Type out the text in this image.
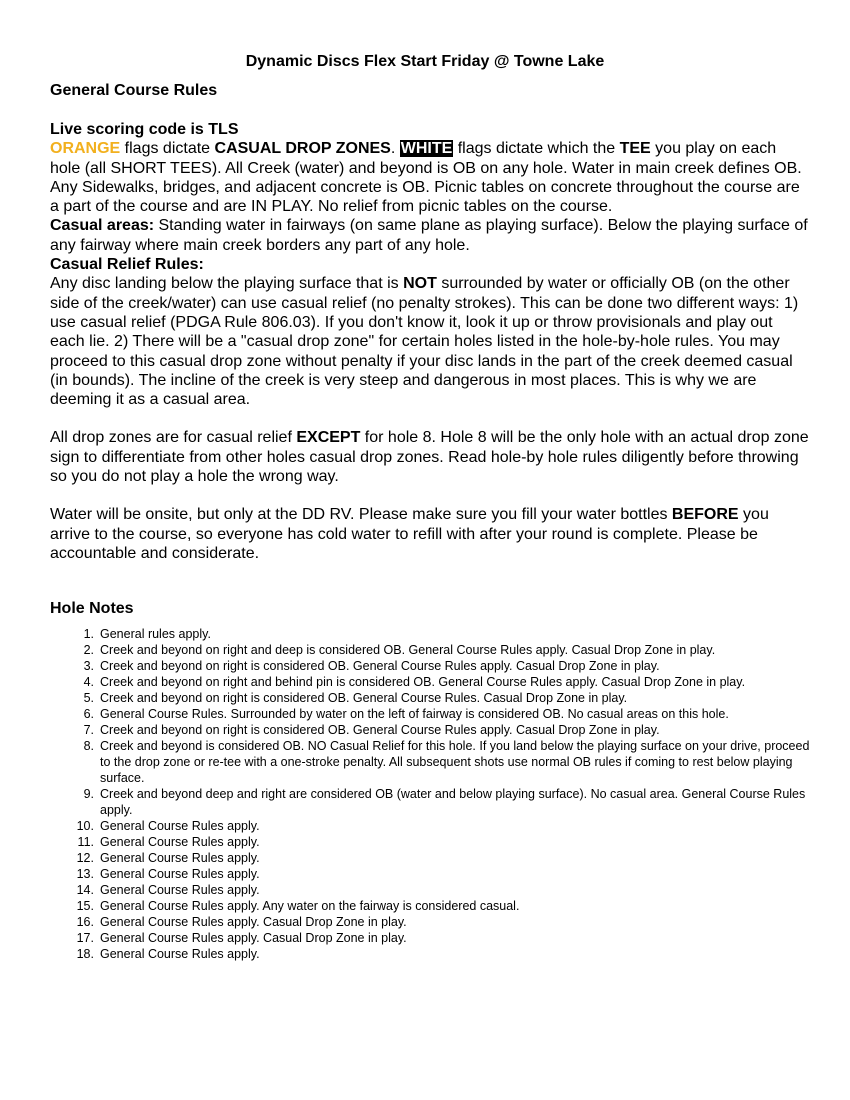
Dynamic Discs Flex Start Friday @ Towne Lake

General Course Rules

Live scoring code is TLS

ORANGE flags dictate CASUAL DROP ZONES. WHITE flags dictate which the TEE you play on each hole (all SHORT TEES). All Creek (water) and beyond is OB on any hole. Water in main creek defines OB. Any Sidewalks, bridges, and adjacent concrete is OB. Picnic tables on concrete throughout the course are a part of the course and are IN PLAY. No relief from picnic tables on the course.

Casual areas: Standing water in fairways (on same plane as playing surface). Below the playing surface of any fairway where main creek borders any part of any hole.

Casual Relief Rules:

Any disc landing below the playing surface that is NOT surrounded by water or officially OB (on the other side of the creek/water) can use casual relief (no penalty strokes). This can be done two different ways: 1) use casual relief (PDGA Rule 806.03). If you don't know it, look it up or throw provisionals and play out each lie. 2) There will be a "casual drop zone" for certain holes listed in the hole-by-hole rules. You may proceed to this casual drop zone without penalty if your disc lands in the part of the creek deemed casual (in bounds). The incline of the creek is very steep and dangerous in most places. This is why we are deeming it as a casual area.

All drop zones are for casual relief EXCEPT for hole 8. Hole 8 will be the only hole with an actual drop zone sign to differentiate from other holes casual drop zones. Read hole-by hole rules diligently before throwing so you do not play a hole the wrong way.

Water will be onsite, but only at the DD RV. Please make sure you fill your water bottles BEFORE you arrive to the course, so everyone has cold water to refill with after your round is complete. Please be accountable and considerate.

Hole Notes

1. General rules apply.
2. Creek and beyond on right and deep is considered OB. General Course Rules apply. Casual Drop Zone in play.
3. Creek and beyond on right is considered OB. General Course Rules apply. Casual Drop Zone in play.
4. Creek and beyond on right and behind pin is considered OB. General Course Rules apply. Casual Drop Zone in play.
5. Creek and beyond on right is considered OB. General Course Rules. Casual Drop Zone in play.
6. General Course Rules. Surrounded by water on the left of fairway is considered OB. No casual areas on this hole.
7. Creek and beyond on right is considered OB. General Course Rules apply. Casual Drop Zone in play.
8. Creek and beyond is considered OB. NO Casual Relief for this hole. If you land below the playing surface on your drive, proceed to the drop zone or re-tee with a one-stroke penalty. All subsequent shots use normal OB rules if coming to rest below playing surface.
9. Creek and beyond deep and right are considered OB (water and below playing surface). No casual area. General Course Rules apply.
10. General Course Rules apply.
11. General Course Rules apply.
12. General Course Rules apply.
13. General Course Rules apply.
14. General Course Rules apply.
15. General Course Rules apply. Any water on the fairway is considered casual.
16. General Course Rules apply. Casual Drop Zone in play.
17. General Course Rules apply. Casual Drop Zone in play.
18. General Course Rules apply.
